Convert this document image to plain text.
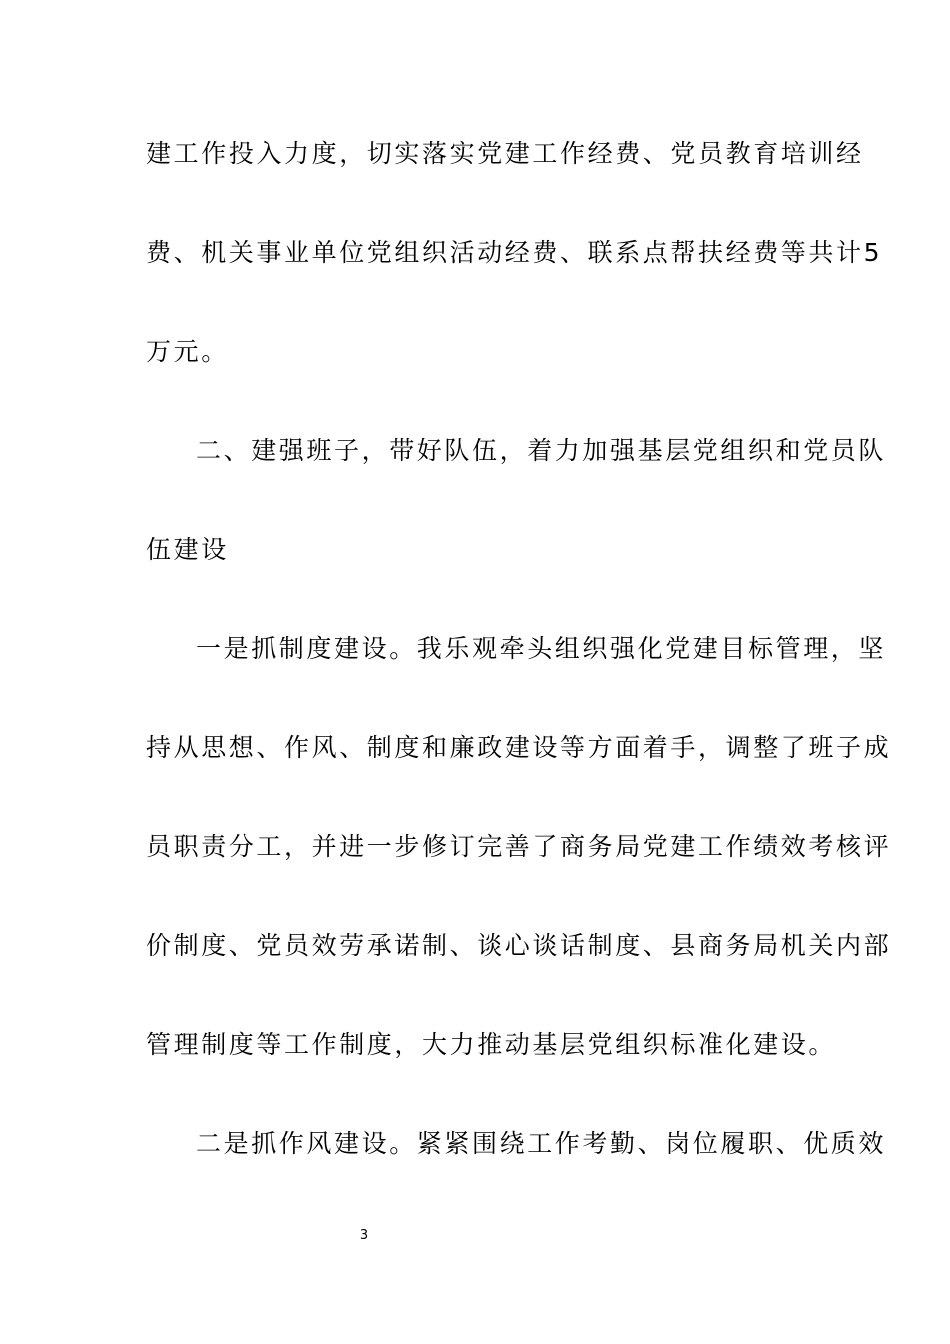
建工作投入力度，切实落实党建工作经费、党员教育培训经
费、机关事业单位党组织活动经费、联系点帮扶经费等共计5
万元。
二、建强班子，带好队伍，着力加强基层党组织和党员队
伍建设
一是抓制度建设。我乐观牵头组织强化党建目标管理，坚
持从思想、作风、制度和廉政建设等方面着手，调整了班子成
员职责分工，并进一步修订完善了商务局党建工作绩效考核评
价制度、党员效劳承诺制、谈心谈话制度、县商务局机关内部
管理制度等工作制度，大力推动基层党组织标准化建设。
二是抓作风建设。紧紧围绕工作考勤、岗位履职、优质效
3
